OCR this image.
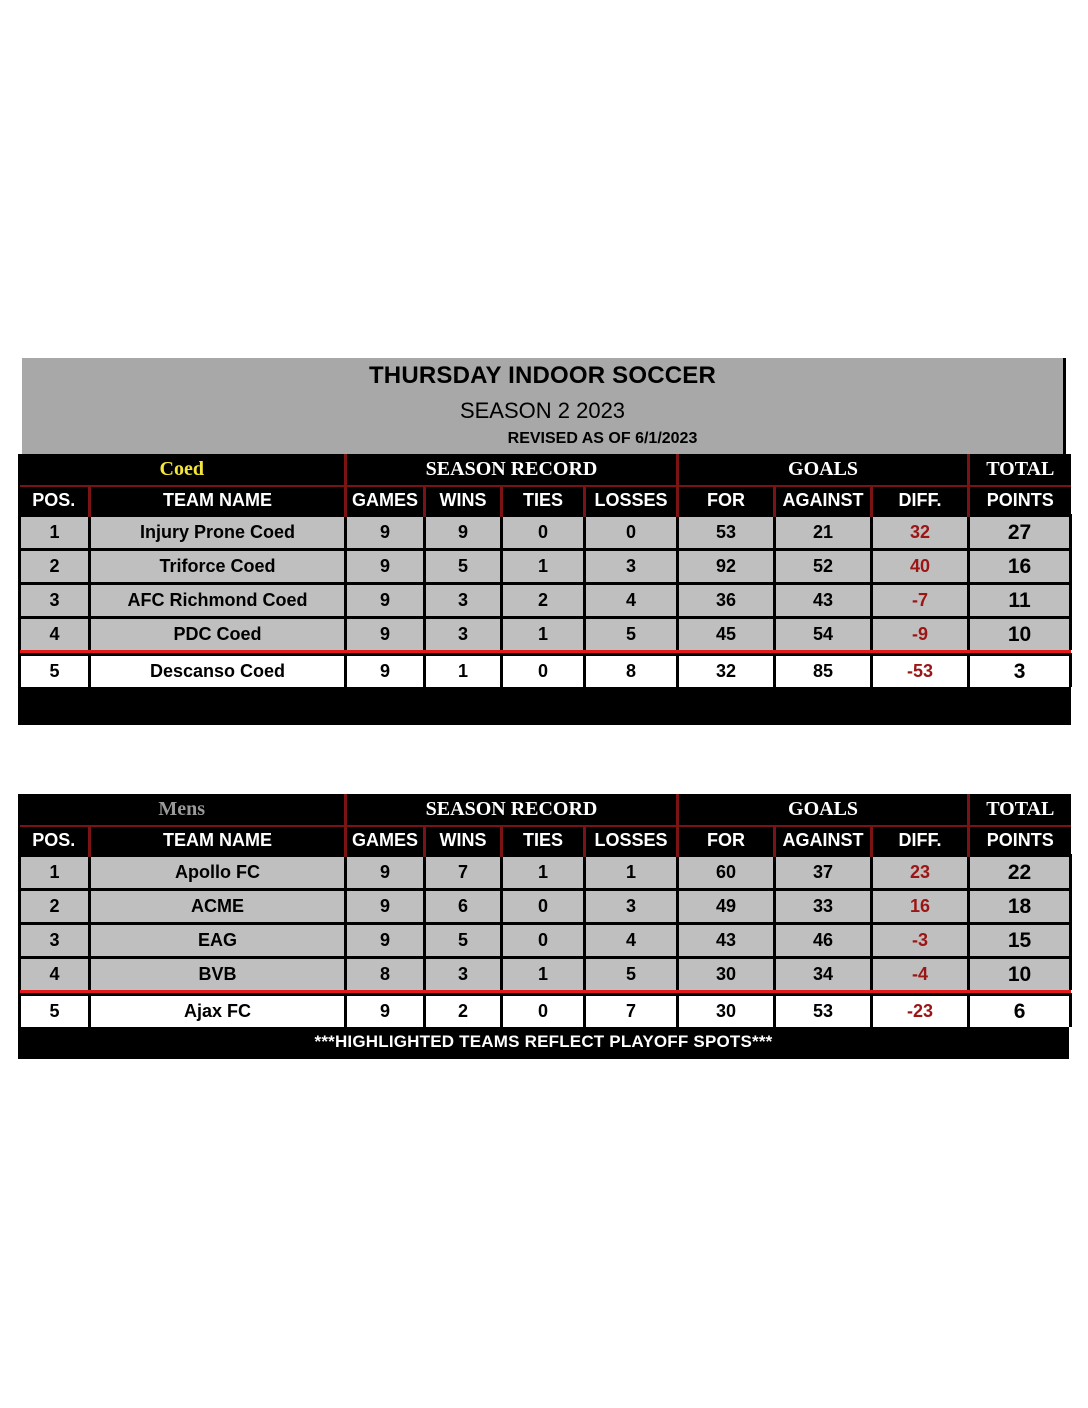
THURSDAY INDOOR SOCCER
SEASON 2 2023
REVISED AS OF 6/1/2023
Coed		SEASON RECORD				GOALS			TOTAL
POS.	TEAM NAME	GAMES	WINS	TIES	LOSSES	FOR	AGAINST	DIFF.	POINTS
1	Injury Prone Coed	9	9	0	0	53	21	32	27
2	Triforce Coed	9	5	1	3	92	52	40	16
3	AFC Richmond Coed	9	3	2	4	36	43	-7	11
4	PDC Coed	9	3	1	5	45	54	-9	10

5	Descanso Coed	9	1	0	8	32	85	-53	3

Mens		SEASON RECORD				GOALS			TOTAL
POS.	TEAM NAME	GAMES	WINS	TIES	LOSSES	FOR	AGAINST	DIFF.	POINTS
1	Apollo FC	9	7	1	1	60	37	23	22
2	ACME	9	6	0	3	49	33	16	18
3	EAG	9	5	0	4	43	46	-3	15
4	BVB	8	3	1	5	30	34	-4	10

5	Ajax FC	9	2	0	7	30	53	-23	6
***HIGHLIGHTED TEAMS REFLECT PLAYOFF SPOTS***
